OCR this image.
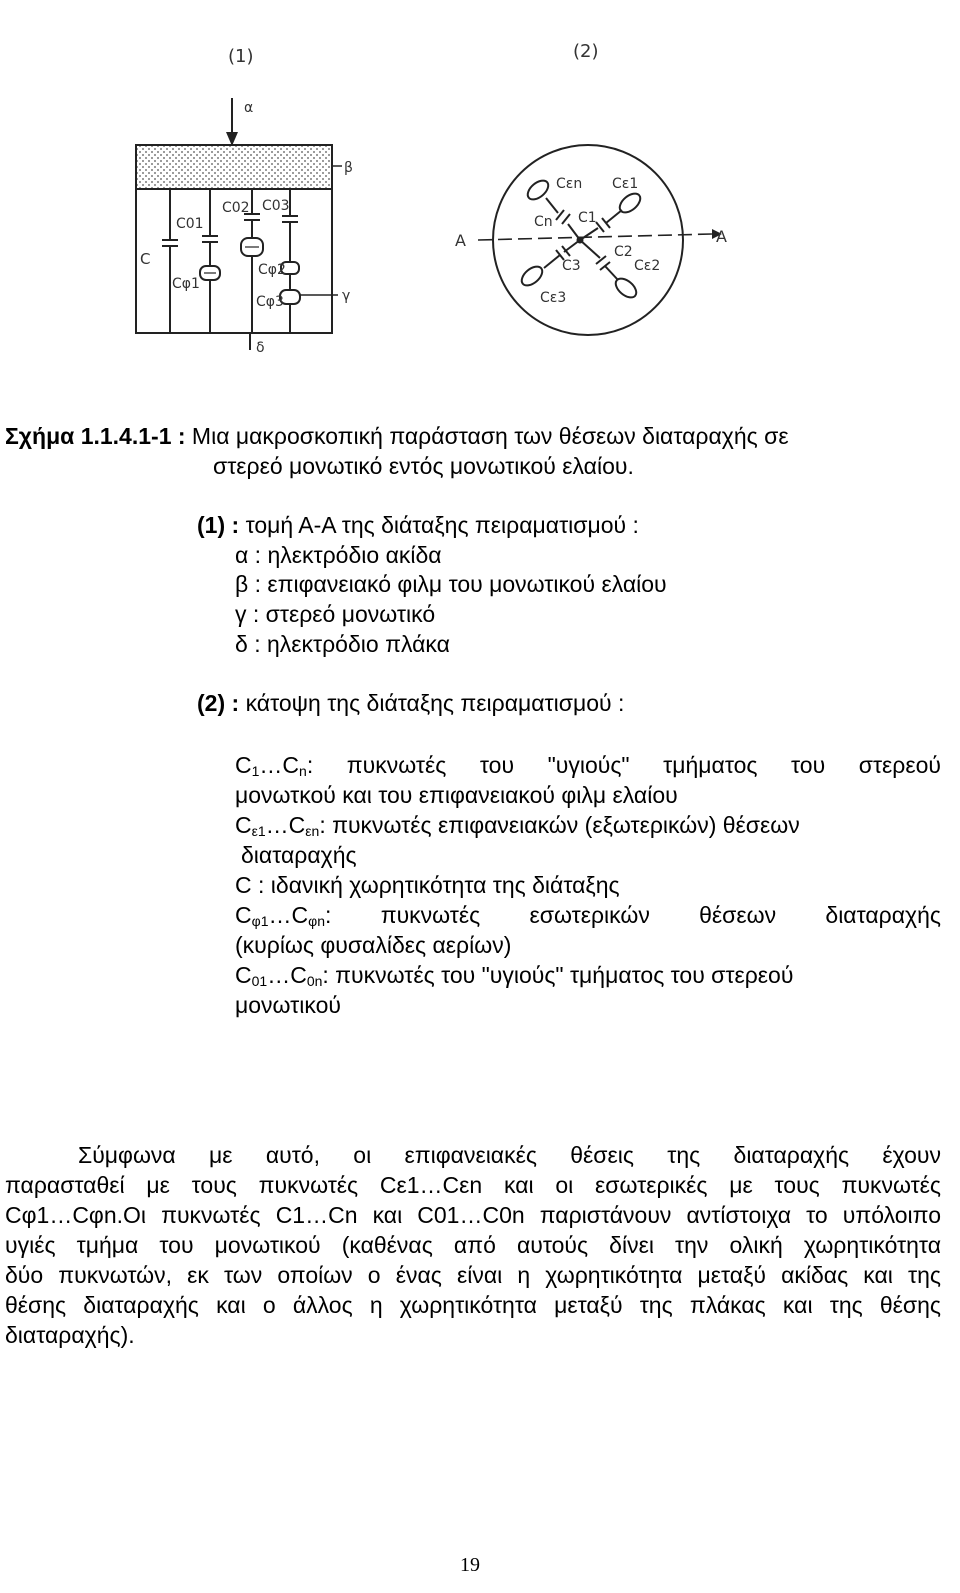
(1)	(2)
α
β
γ
δ
C
C01
C02 C03
Cφ1
Cφ2
Cφ3
A	A
Cεn Cε1
Cn C1
C3
C2
Cε2
Cε3
Σχήμα 1.1.4.1-1 : Μια μακροσκοπική παράσταση των θέσεων διαταραχής σε
στερεό μονωτικό εντός μονωτικού ελαίου.
(1) : τομή Α-Α της διάταξης πειραματισμού :
α : ηλεκτρόδιο ακίδα
β : επιφανειακό φιλμ του μονωτικού ελαίου
γ : στερεό μονωτικό
δ : ηλεκτρόδιο πλάκα
(2) : κάτοψη της διάταξης πειραματισμού :
$C_1\dots C_n$: πυκνωτές του "υγιούς" τμήματος του στερεού
μονωτκού και του επιφανειακού φιλμ ελαίου
$C_{\varepsilon 1}\dots C_{\varepsilon n}$: πυκνωτές επιφανειακών (εξωτερικών) θέσεων
διαταραχής
C : ιδανική χωρητικότητα της διάταξης
$C_{\varphi 1}\dots C_{\varphi n}$: πυκνωτές εσωτερικών θέσεων διαταραχής
(κυρίως φυσαλίδες αερίων)
$C_{01}\dots C_{0n}$: πυκνωτές του "υγιούς" τμήματος του στερεού
μονωτικού
Σύμφωνα με αυτό, οι επιφανειακές θέσεις της διαταραχής έχουν
παρασταθεί με τους πυκνωτές Cε1…Cεn και οι εσωτερικές με τους πυκνωτές
Cφ1…Cφn.Οι πυκνωτές C1…Cn και C01…C0n παριστάνουν αντίστοιχα το υπόλοιπο
υγιές τμήμα του μονωτικού (καθένας από αυτούς δίνει την ολική χωρητικότητα
δύο πυκνωτών, εκ των οποίων ο ένας είναι η χωρητικότητα μεταξύ ακίδας και της
θέσης διαταραχής και ο άλλος η χωρητικότητα μεταξύ της πλάκας και της θέσης
διαταραχής).
19
